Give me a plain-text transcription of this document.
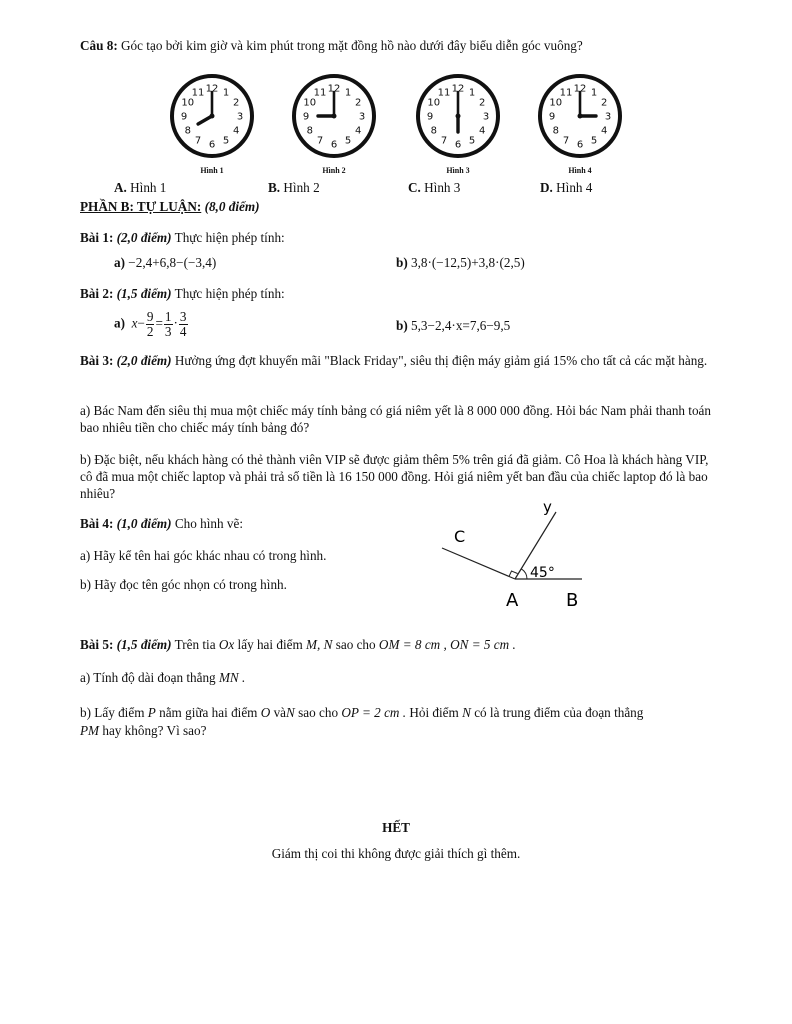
Câu 8: Góc tạo bởi kim giờ và kim phút trong mặt đồng hồ nào dưới đây biểu diễn góc vuông?
1
2
3
4
5
6
7
8
9
10
11 12	1
2
3
4
5
6
7
8
9
10
11 12	1
2
3
4
5
6
7
8
9
10
11 12	1
2
3
4
5
6
7
8
9
10
11 12
Hình 1	Hình 2	Hình 3	Hình 4
A. Hình 1	B. Hình 2	C. Hình 3	D. Hình 4
PHẦN B: TỰ LUẬN: (8,0 điểm)
Bài 1: (2,0 điểm) Thực hiện phép tính:
a) −2,4+6,8−(−3,4)	b) 3,8·(−12,5)+3,8·(2,5)
Bài 2: (1,5 điểm) Thực hiện phép tính:
a) $x- \frac{9}{2} = \frac{1}{3} \cdot \frac{3}{4}$	b) 5,3−2,4·x=7,6−9,5
Bài 3: (2,0 điểm) Hưởng ứng đợt khuyến mãi "Black Friday", siêu thị điện máy giảm giá 15% cho tất cả các mặt hàng.
a) Bác Nam đến siêu thị mua một chiếc máy tính bảng có giá niêm yết là 8 000 000 đồng. Hỏi bác Nam phải thanh toán bao nhiêu tiền cho chiếc máy tính bảng đó?
b) Đặc biệt, nếu khách hàng có thẻ thành viên VIP sẽ được giảm thêm 5% trên giá đã giảm. Cô Hoa là khách hàng VIP, cô đã mua một chiếc laptop và phải trả số tiền là 16 150 000 đồng. Hỏi giá niêm yết ban đầu của chiếc laptop đó là bao nhiêu?
Bài 4: (1,0 điểm) Cho hình vẽ:
a) Hãy kể tên hai góc khác nhau có trong hình.
b) Hãy đọc tên góc nhọn có trong hình.
y
C
45°
A	B
Bài 5: (1,5 điểm) Trên tia Ox lấy hai điểm M, N sao cho OM = 8 cm , ON = 5 cm .
a) Tính độ dài đoạn thẳng MN .
b) Lấy điểm P nằm giữa hai điểm O vàN sao cho OP = 2 cm . Hỏi điểm N có là trung điểm của đoạn thẳng
PM hay không? Vì sao?
HẾT
Giám thị coi thi không được giải thích gì thêm.
